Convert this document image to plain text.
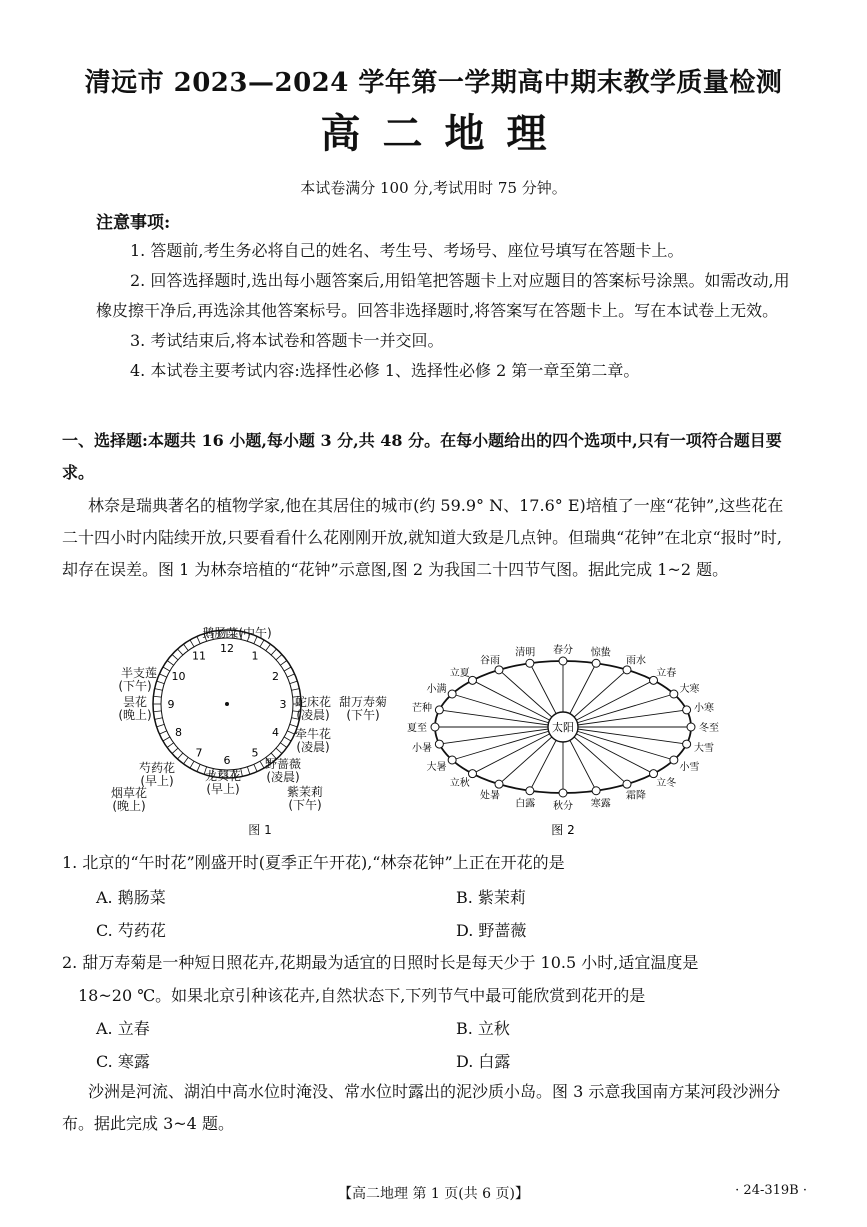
清远市 2023—2024 学年第一学期高中期末教学质量检测
高二地理
本试卷满分 100 分,考试用时 75 分钟。
注意事项:

1. 答题前,考生务必将自己的姓名、考生号、考场号、座位号填写在答题卡上。

2. 回答选择题时,选出每小题答案后,用铅笔把答题卡上对应题目的答案标号涂黑。如需改动,用橡皮擦干净后,再选涂其他答案标号。回答非选择题时,将答案写在答题卡上。写在本试卷上无效。

3. 考试结束后,将本试卷和答题卡一并交回。

4. 本试卷主要考试内容:选择性必修 1、选择性必修 2 第一章至第二章。

一、选择题:本题共 16 小题,每小题 3 分,共 48 分。在每小题给出的四个选项中,只有一项符合题目要求。

林奈是瑞典著名的植物学家,他在其居住的城市(约 59.9° N、17.6° E)培植了一座“花钟”,这些花在二十四小时内陆续开放,只要看看什么花刚刚开放,就知道大致是几点钟。但瑞典“花钟”在北京“报时”时,却存在误差。图 1 为林奈培植的“花钟”示意图,图 2 为我国二十四节气图。据此完成 1~2 题。

12
1
2
3
4
5
6
7
8
9
10
11
鹅肠菜(中午)
半支莲
(下午)
昙花
(晚上)
芍药花
(早上)
烟草花
(晚上)
龙葵花
(早上)
蛇床花
(凌晨)
甜万寿菊
(下午)
牵牛花
(凌晨)
野蔷薇
(凌晨)
紫茉莉
(下午)
图 1
太阳	冬至
小寒
大寒
立春
雨水
惊蛰
春分
清明
谷雨
立夏
小满
芒种
夏至
小暑
大暑
立秋
处暑
白露 秋分 寒露
霜降
立冬
小雪
大雪
图 2
1. 北京的“午时花”刚盛开时(夏季正午开花),“林奈花钟”上正在开花的是
A. 鹅肠菜	B. 紫茉莉
C. 芍药花	D. 野蔷薇
2. 甜万寿菊是一种短日照花卉,花期最为适宜的日照时长是每天少于 10.5 小时,适宜温度是
18~20 ℃。如果北京引种该花卉,自然状态下,下列节气中最可能欣赏到花开的是
A. 立春	B. 立秋
C. 寒露	D. 白露

沙洲是河流、湖泊中高水位时淹没、常水位时露出的泥沙质小岛。图 3 示意我国南方某河段沙洲分布。据此完成 3~4 题。

【高二地理 第 1 页(共 6 页)】	· 24-319B ·
